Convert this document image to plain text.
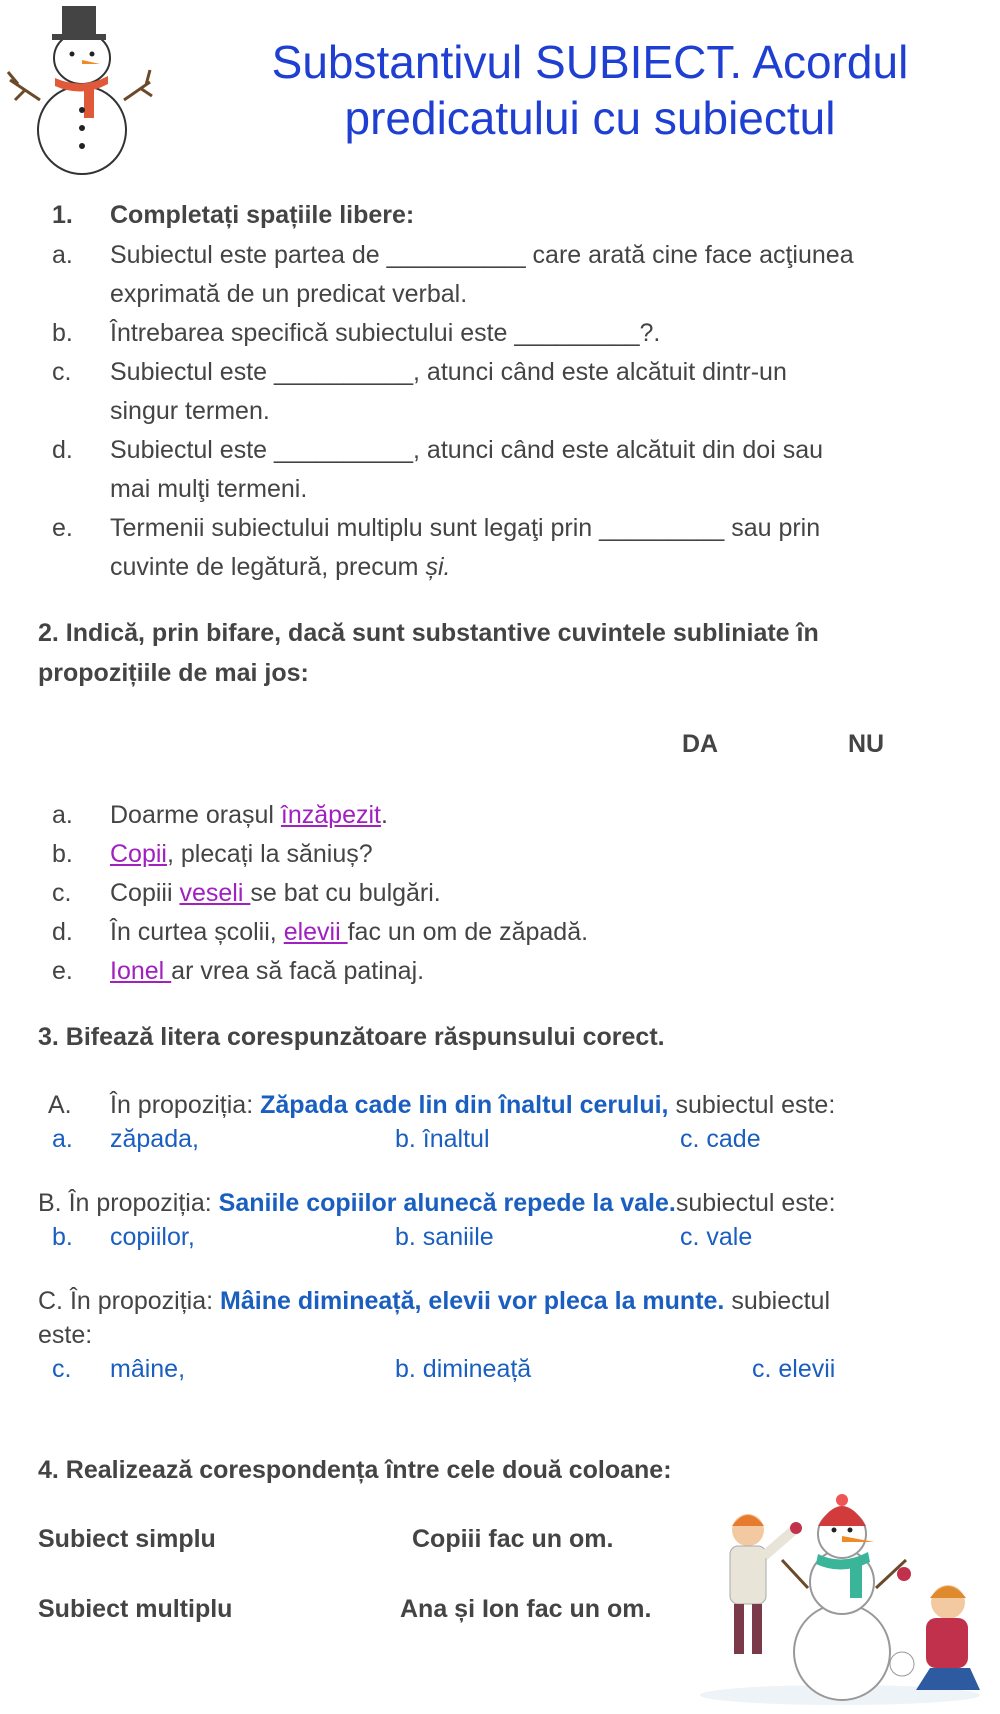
Substantivul SUBIECT. Acordul
predicatului cu subiectul
1. Completați spațiile libere:
a. Subiectul este partea de __________ care arată cine face acţiunea
exprimată de un predicat verbal.
b. Întrebarea specifică subiectului este _________?.
c. Subiectul este __________, atunci când este alcătuit dintr-un
singur termen.
d. Subiectul este __________, atunci când este alcătuit din doi sau
mai mulţi termeni.
e. Termenii subiectului multiplu sunt legaţi prin _________ sau prin
cuvinte de legătură, precum și.
2. Indică, prin bifare, dacă sunt substantive cuvintele subliniate în
propozițiile de mai jos:
DA	NU
a. Doarme orașul înzăpezit.
b. Copii, plecați la săniuș?
c. Copiii veseli se bat cu bulgări.
d. În curtea școlii, elevii fac un om de zăpadă.
e. Ionel ar vrea să facă patinaj.
3. Bifează litera corespunzătoare răspunsului corect.
A. În propoziția: Zăpada cade lin din înaltul cerului, subiectul este:
a. zăpada,	b. înaltul	c. cade
B. În propoziția: Saniile copiilor alunecă repede la vale.subiectul este:
b. copiilor,	b. saniile	c. vale
C. În propoziția: Mâine dimineață, elevii vor pleca la munte. subiectul
este:
c. mâine,	b. dimineață	c. elevii
4. Realizează corespondența între cele două coloane:
Subiect simplu	Copiii fac un om.
Subiect multiplu	Ana și Ion fac un om.
